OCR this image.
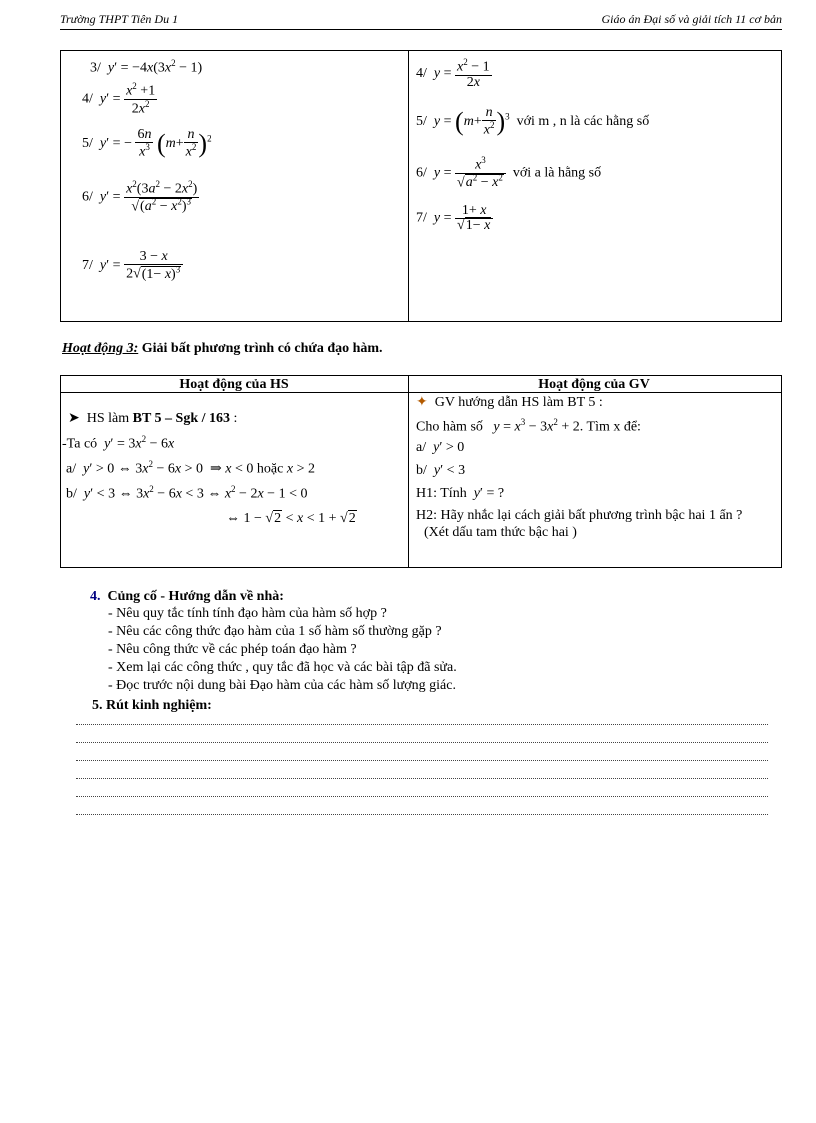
Trường THPT Tiên Du 1	Giáo án Đại số và giải tích 11 cơ bản
3/ $y' = -4x(3x^2 - 1)$
4/ $y' = \frac{x^2 +1}{2x^2}$
5/ y′ = − $\frac{6n}{x^3} (m+ \frac{n}{x^2} )^2$
6/ $y' = \frac{x^2(3a^2 - 2x^2)}{√(a^2 - x^2)^3}$
7/ $y' = \frac{3 - x}{2√(1- x)^3}$
4/ $y = \frac{x^2 - 1}{2x}$
5/ $y = (m+ \frac{n}{x^2} )^3$ với m , n là các hằng số
6/ $y = \frac{x^3}{√a^2 - x^2}$ với a là hằng số
7/ $y = \frac{1+ x}{√1- x}$
Hoạt động 3: Giải bất phương trình có chứa đạo hàm.
Hoạt động của HS	Hoạt động của GV
➤ HS làm BT 5 – Sgk / 163 :
-Ta có $y' = 3x^2 - 6x$
a/ y′ > 0 ⇔ $3x^2 - 6x > 0$  ⇒ x < 0 hoặc x > 2
b/ y′ < 3 ⇔ $3x^2 - 6x < 3$ ⇔ $x^2 - 2x - 1 < 0$
⇔ 1 − √2 < x < 1 + √2
✦ GV hướng dẫn HS làm BT 5 :
Cho hàm số $y = x^3 - 3x^2 + 2$. Tìm x để:
a/ y′ > 0
b/ y′ < 3
H1: Tính y′ = ?
H2: Hãy nhắc lại cách giải bất phương trình bậc hai 1 ẩn ?
(Xét dấu tam thức bậc hai )
4. Củng cố - Hướng dẫn về nhà:
- Nêu quy tắc tính tính đạo hàm của hàm số hợp ?
- Nêu các công thức đạo hàm của 1 số hàm số thường gặp ?
- Nêu công thức về các phép toán đạo hàm ?
- Xem lại các công thức , quy tắc đã học và các bài tập đã sửa.
- Đọc trước nội dung bài Đạo hàm của các hàm số lượng giác.
5. Rút kinh nghiệm:
